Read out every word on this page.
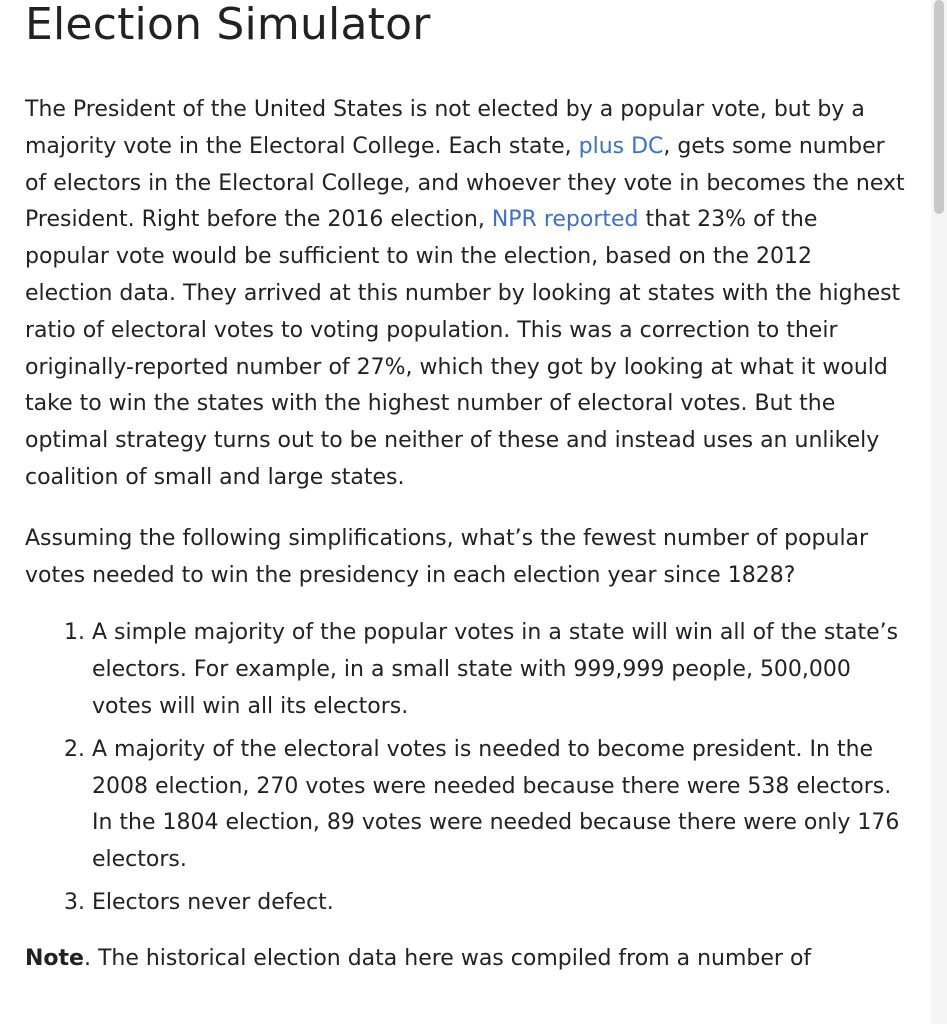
Election Simulator

The President of the United States is not elected by a popular vote, but by a majority vote in the Electoral College. Each state, plus DC, gets some number of electors in the Electoral College, and whoever they vote in becomes the next President. Right before the 2016 election, NPR reported that 23% of the popular vote would be sufficient to win the election, based on the 2012 election data. They arrived at this number by looking at states with the highest ratio of electoral votes to voting population. This was a correction to their originally-reported number of 27%, which they got by looking at what it would take to win the states with the highest number of electoral votes. But the optimal strategy turns out to be neither of these and instead uses an unlikely coalition of small and large states.

Assuming the following simplifications, what’s the fewest number of popular votes needed to win the presidency in each election year since 1828?

1. A simple majority of the popular votes in a state will win all of the state’s electors. For example, in a small state with 999,999 people, 500,000 votes will win all its electors.
2. A majority of the electoral votes is needed to become president. In the 2008 election, 270 votes were needed because there were 538 electors. In the 1804 election, 89 votes were needed because there were only 176 electors.
3. Electors never defect.

Note. The historical election data here was compiled from a number of
